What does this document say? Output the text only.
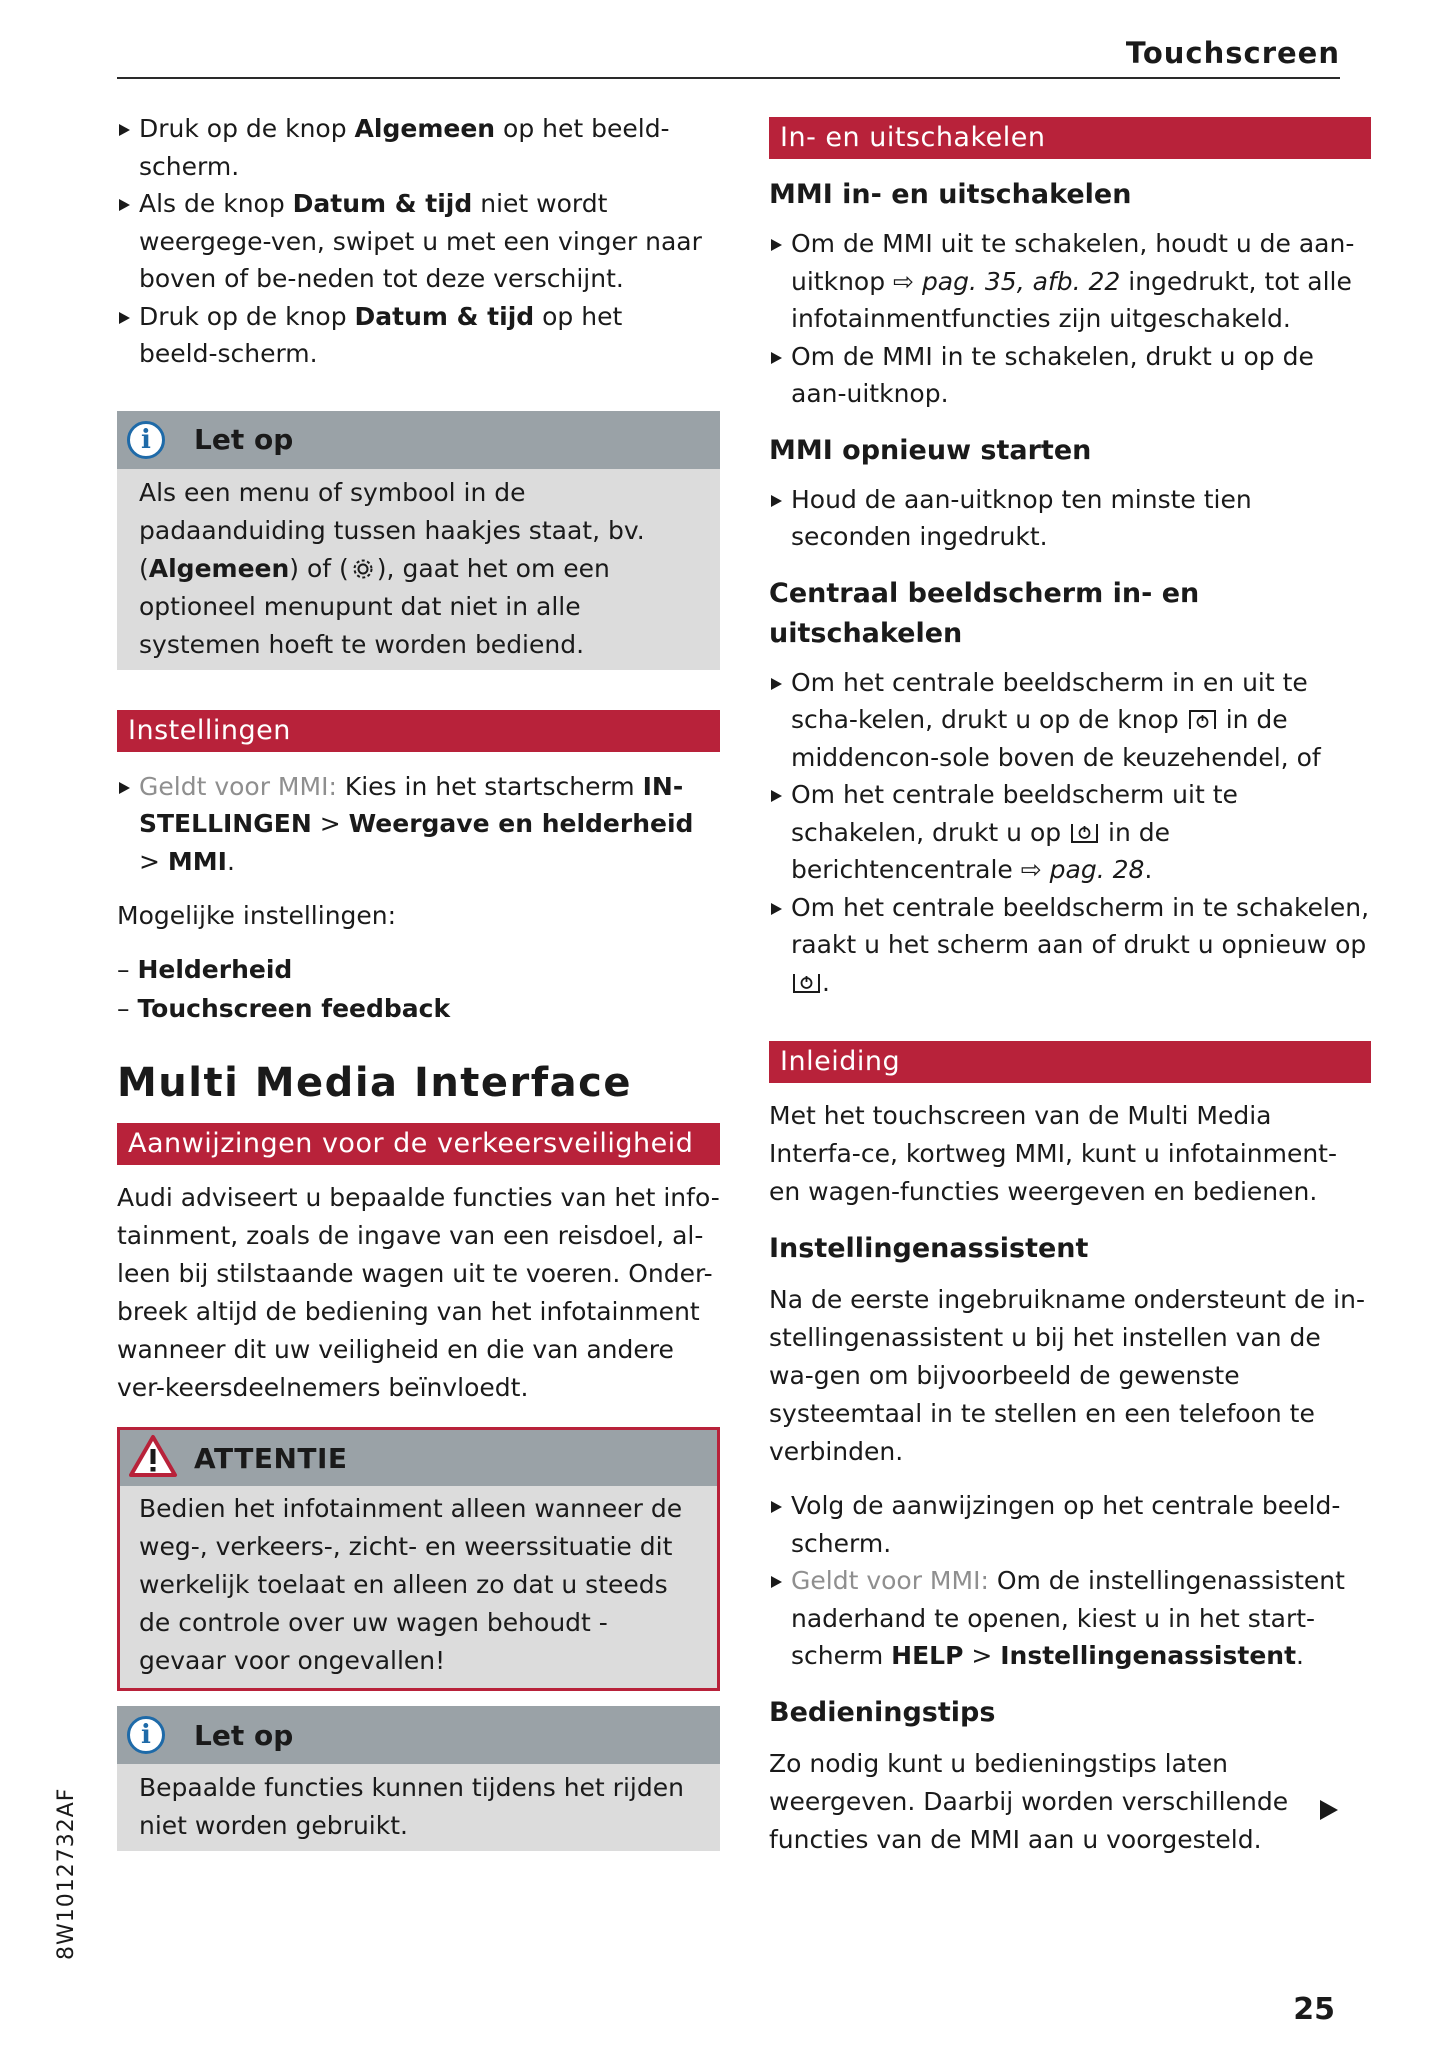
Touchscreen
Druk op de knop Algemeen op het beeld-scherm.
Als de knop Datum & tijd niet wordt weergege-ven, swipet u met een vinger naar boven of be-neden tot deze verschijnt.
Druk op de knop Datum & tijd op het beeld-scherm.
i	Let op
Als een menu of symbool in de padaanduiding tussen haakjes staat, bv. (Algemeen) of ( ), gaat het om een optioneel menupunt dat niet in alle systemen hoeft te worden bediend.
Instellingen
Geldt voor MMI: Kies in het startscherm IN-STELLINGEN > Weergave en helderheid > MMI.

Mogelijke instellingen:

– Helderheid
– Touchscreen feedback
Multi Media Interface
Aanwijzingen voor de verkeersveiligheid

Audi adviseert u bepaalde functies van het info-tainment, zoals de ingave van een reisdoel, al-leen bij stilstaande wagen uit te voeren. Onder-breek altijd de bediening van het infotainment wanneer dit uw veiligheid en die van andere ver-keersdeelnemers beïnvloedt.

ATTENTIE
Bedien het infotainment alleen wanneer de weg-, verkeers-, zicht- en weerssituatie dit werkelijk toelaat en alleen zo dat u steeds de controle over uw wagen behoudt - gevaar voor ongevallen!
i	Let op
Bepaalde functies kunnen tijdens het rijden niet worden gebruikt.
In- en uitschakelen
MMI in- en uitschakelen
Om de MMI uit te schakelen, houdt u de aan-uitknop ⇨ pag. 35, afb. 22 ingedrukt, tot alle infotainmentfuncties zijn uitgeschakeld.
Om de MMI in te schakelen, drukt u op de aan-uitknop.
MMI opnieuw starten
Houd de aan-uitknop ten minste tien seconden ingedrukt.
Centraal beeldscherm in- en uitschakelen
Om het centrale beeldscherm in en uit te scha-kelen, drukt u op de knop
in de middencon-sole boven de keuzehendel, of
Om het centrale beeldscherm uit te schakelen, drukt u op
in de berichtencentrale ⇨ pag. 28.
Om het centrale beeldscherm in te schakelen, raakt u het scherm aan of drukt u opnieuw op
.
Inleiding

Met het touchscreen van de Multi Media Interfa-ce, kortweg MMI, kunt u infotainment- en wagen-functies weergeven en bedienen.

Instellingenassistent

Na de eerste ingebruikname ondersteunt de in-stellingenassistent u bij het instellen van de wa-gen om bijvoorbeeld de gewenste systeemtaal in te stellen en een telefoon te verbinden.

Volg de aanwijzingen op het centrale beeld-scherm.
Geldt voor MMI: Om de instellingenassistent naderhand te openen, kiest u in het start-scherm HELP > Instellingenassistent.
Bedieningstips

Zo nodig kunt u bedieningstips laten weergeven. Daarbij worden verschillende functies van de MMI aan u voorgesteld.

8W1012732AF
25
